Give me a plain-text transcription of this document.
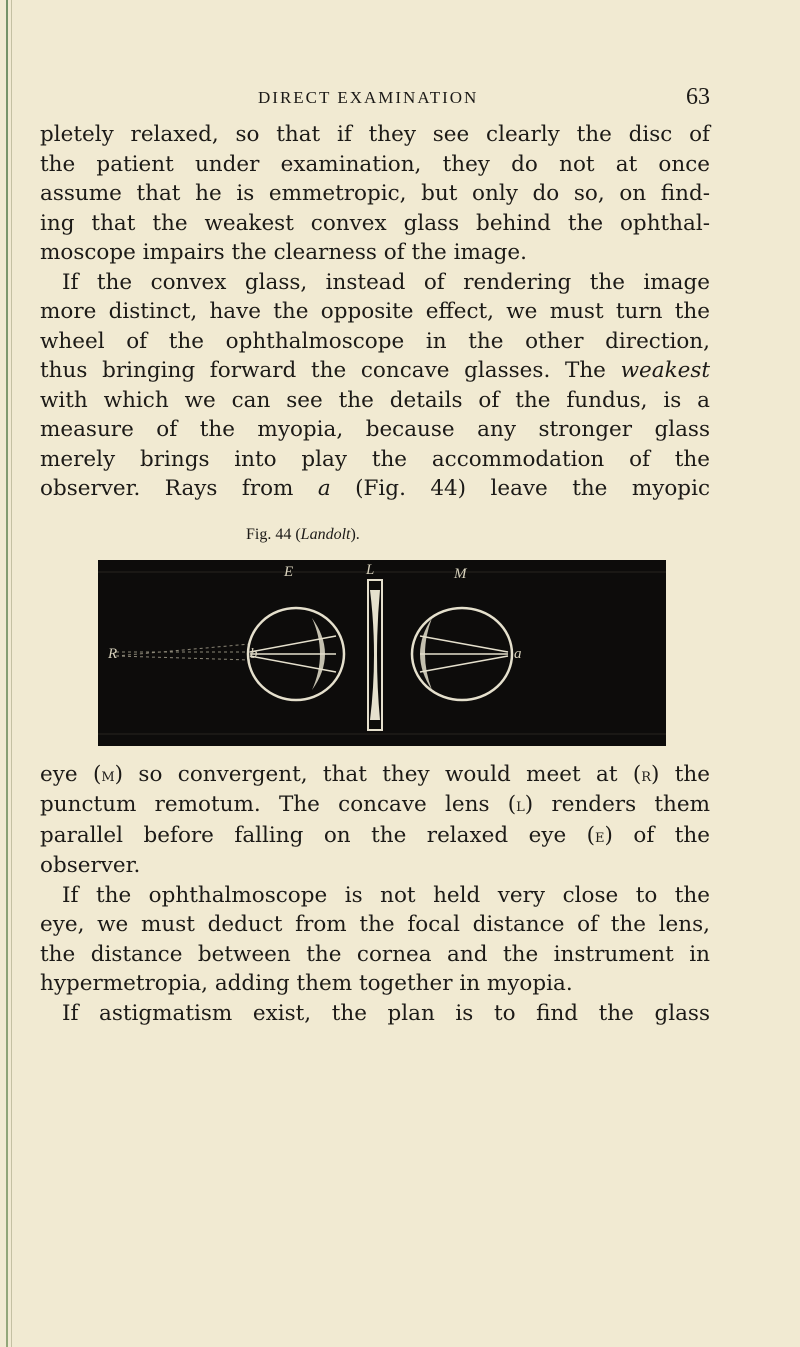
DIRECT EXAMINATION	63
pletely relaxed, so that if they see clearly the disc of
the patient under examination, they do not at once
assume that he is emmetropic, but only do so, on find-
ing that the weakest convex glass behind the ophthal-
moscope impairs the clearness of the image.
If the convex glass, instead of rendering the image
more distinct, have the opposite effect, we must turn the
wheel of the ophthalmoscope in the other direction,
thus bringing forward the concave glasses. The weakest
with which we can see the details of the fundus, is a
measure of the myopia, because any stronger glass
merely brings into play the accommodation of the
observer. Rays from a (Fig. 44) leave the myopic
Fig. 44 (Landolt).
E	L	M
R	b	a
eye (m) so convergent, that they would meet at (r) the
punctum remotum. The concave lens (l) renders them
parallel before falling on the relaxed eye (e) of the
observer.
If the ophthalmoscope is not held very close to the
eye, we must deduct from the focal distance of the lens,
the distance between the cornea and the instrument in
hypermetropia, adding them together in myopia.
If astigmatism exist, the plan is to find the glass
